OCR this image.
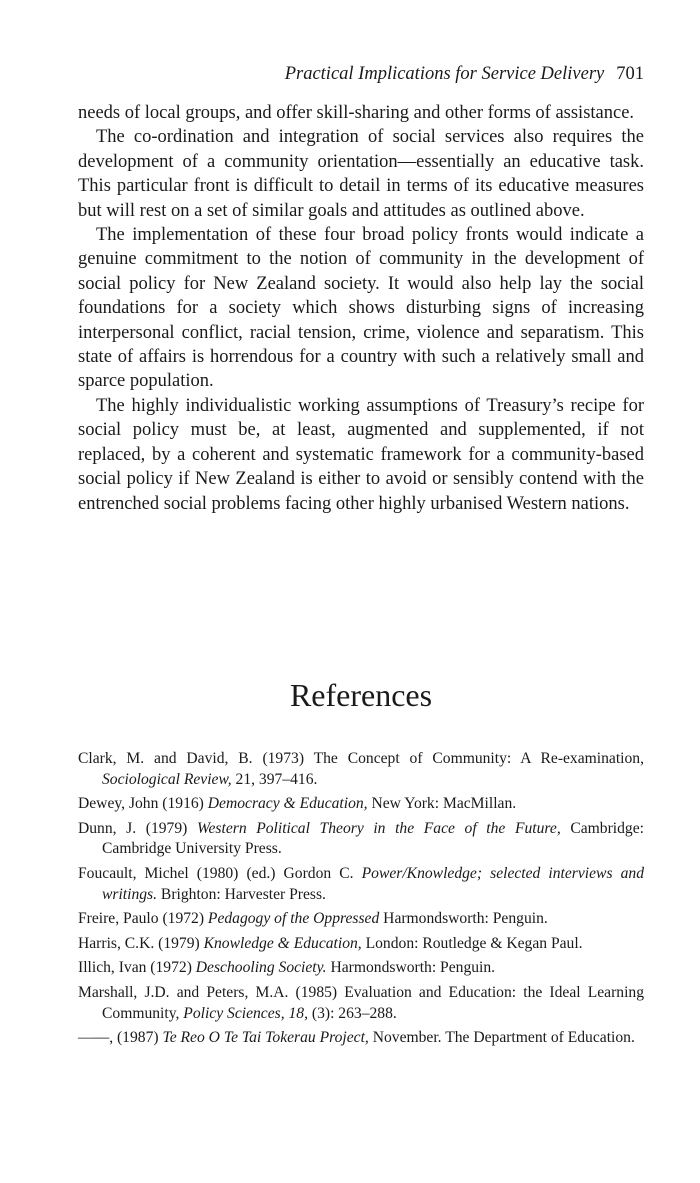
Practical Implications for Service Delivery 701

needs of local groups, and offer skill-sharing and other forms of assistance.

The co-ordination and integration of social services also requires the development of a community orientation—essentially an educative task. This particular front is difficult to detail in terms of its educative measures but will rest on a set of similar goals and attitudes as outlined above.

The implementation of these four broad policy fronts would indicate a genuine commitment to the notion of community in the development of social policy for New Zealand society. It would also help lay the social foundations for a society which shows disturbing signs of increasing interpersonal conflict, racial tension, crime, violence and separatism. This state of affairs is horrendous for a country with such a relatively small and sparce population.

The highly individualistic working assumptions of Treasury’s recipe for social policy must be, at least, augmented and supplemented, if not replaced, by a coherent and systematic framework for a community-based social policy if New Zealand is either to avoid or sensibly contend with the entrenched social problems facing other highly urbanised Western nations.

References

Clark, M. and David, B. (1973) The Concept of Community: A Re-examination, Sociological Review, 21, 397–416.

Dewey, John (1916) Democracy & Education, New York: MacMillan.

Dunn, J. (1979) Western Political Theory in the Face of the Future, Cambridge: Cambridge University Press.

Foucault, Michel (1980) (ed.) Gordon C. Power/Knowledge; selected interviews and writings. Brighton: Harvester Press.

Freire, Paulo (1972) Pedagogy of the Oppressed Harmondsworth: Penguin.

Harris, C.K. (1979) Knowledge & Education, London: Routledge & Kegan Paul.

Illich, Ivan (1972) Deschooling Society. Harmondsworth: Penguin.

Marshall, J.D. and Peters, M.A. (1985) Evaluation and Education: the Ideal Learning Community, Policy Sciences, 18, (3): 263–288.

——, (1987) Te Reo O Te Tai Tokerau Project, November. The Department of Education.
